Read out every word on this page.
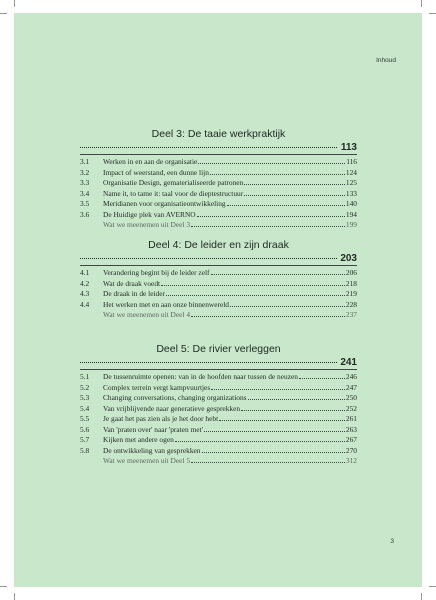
Inhoud
Deel 3: De taaie werkpraktijk
113
3.1	Werken in en aan de organisatie	116
3.2	Impact of weerstand, een dunne lijn	124
3.3	Organisatie Design, gematerialiseerde patronen	125
3.4	Name it, to tame it: taal voor de dieptestructuur	133
3.5	Meridianen voor organisatieontwikkeling	140
3.6	De Huidige plek van AVERNO	194
Wat we meenemen uit Deel 3	199
Deel 4: De leider en zijn draak
203
4.1	Verandering begint bij de leider zelf	206
4.2	Wat de draak voedt	218
4.3	De draak in de leider	219
4.4	Het werken met en aan onze binnenwereld	228
Wat we meenemen uit Deel 4	237
Deel 5: De rivier verleggen
241
5.1	De tussenruimte openen: van in de hoofden naar tussen de neuzen	246
5.2	Complex terrein vergt kampvuurtjes	247
5.3	Changing conversations, changing organizations	250
5.4	Van vrijblijvende naar generatieve gesprekken	252
5.5	Je gaat het pas zien als je het door hebt	261
5.6	Van 'praten over' naar 'praten met'	263
5.7	Kijken met andere ogen	267
5.8	De ontwikkeling van gesprekken	270
Wat we meenemen uit Deel 5	312
3
